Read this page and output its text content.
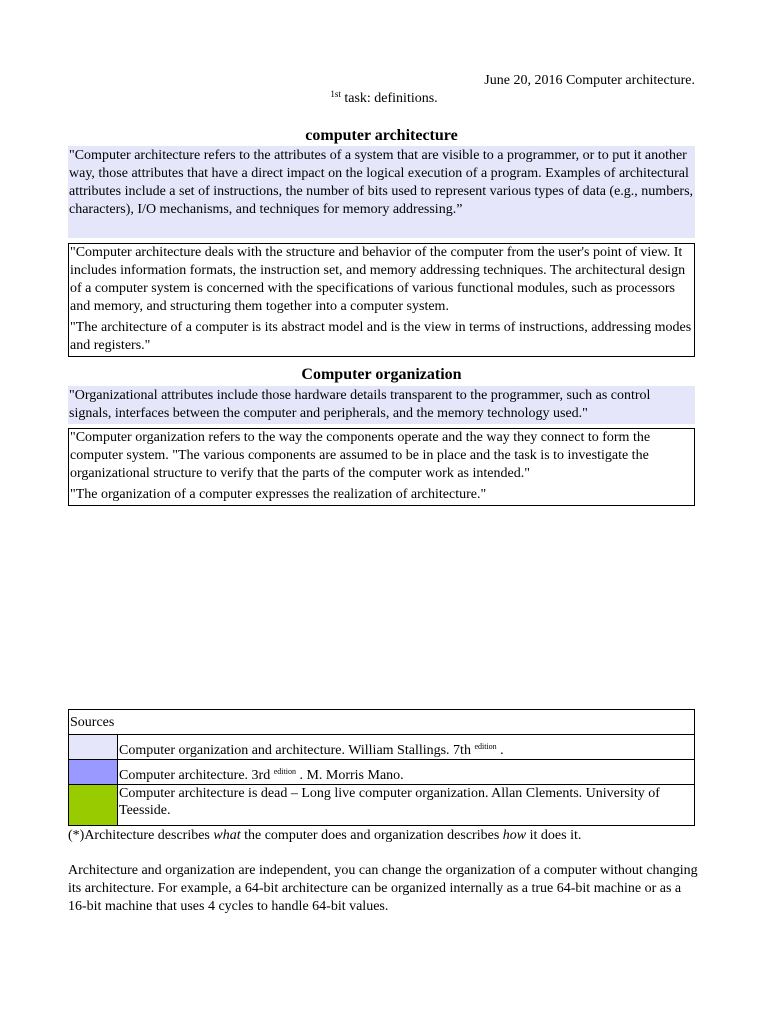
June 20, 2016 Computer architecture.
$^{1st}$ task: definitions.
computer architecture

"Computer architecture refers to the attributes of a system that are visible to a programmer, or to put it another way, those attributes that have a direct impact on the logical execution of a program. Examples of architectural attributes include a set of instructions, the number of bits used to represent various types of data (e.g., numbers, characters), I/O mechanisms, and techniques for memory addressing.”

"Computer architecture deals with the structure and behavior of the computer from the user's point of view. It includes information formats, the instruction set, and memory addressing techniques. The architectural design of a computer system is concerned with the specifications of various functional modules, such as processors and memory, and structuring them together into a computer system.

"The architecture of a computer is its abstract model and is the view in terms of instructions, addressing modes and registers."

Computer organization

"Organizational attributes include those hardware details transparent to the programmer, such as control signals, interfaces between the computer and peripherals, and the memory technology used."

"Computer organization refers to the way the components operate and the way they connect to form the computer system. "The various components are assumed to be in place and the task is to investigate the organizational structure to verify that the parts of the computer work as intended."

"The organization of a computer expresses the realization of architecture."

Sources	
	Computer organization and architecture. William Stallings. 7th $^{edition}$ .
	Computer architecture. 3rd $^{edition}$ . M. Morris Mano.
	Computer architecture is dead – Long live computer organization. Allan Clements. University of Teesside.
(*)Architecture describes what the computer does and organization describes how it does it.
Architecture and organization are independent, you can change the organization of a computer without changing its architecture. For example, a 64-bit architecture can be organized internally as a true 64-bit machine or as a 16-bit machine that uses 4 cycles to handle 64-bit values.
